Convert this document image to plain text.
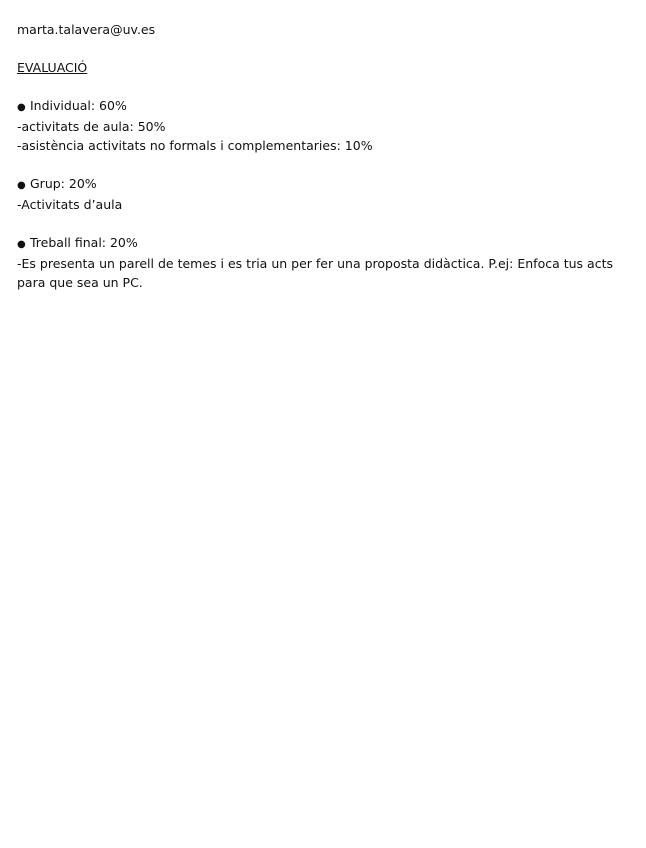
marta.talavera@uv.es
EVALUACIÓ
● Individual: 60%
-activitats de aula: 50%
-asistència activitats no formals i complementaries: 10%
● Grup: 20%
-Activitats d’aula
● Treball final: 20%
-Es presenta un parell de temes i es tria un per fer una proposta didàctica. P.ej: Enfoca tus acts para que sea un PC.
